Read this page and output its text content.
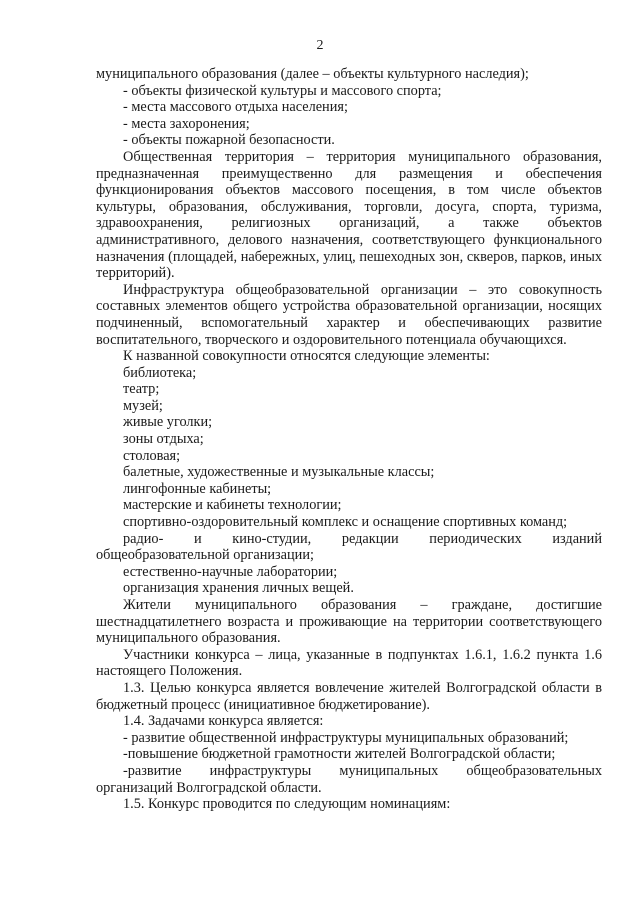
2

муниципального образования (далее – объекты культурного наследия);

- объекты физической культуры и массового спорта;

- места массового отдыха населения;

- места захоронения;

- объекты пожарной безопасности.

Общественная территория – территория муниципального образования, предназначенная преимущественно для размещения и обеспечения функционирования объектов массового посещения, в том числе объектов культуры, образования, обслуживания, торговли, досуга, спорта, туризма, здравоохранения, религиозных организаций, а также объектов административного, делового назначения, соответствующего функционального назначения (площадей, набережных, улиц, пешеходных зон, скверов, парков, иных территорий).

Инфраструктура общеобразовательной организации – это совокупность составных элементов общего устройства образовательной организации, носящих подчиненный, вспомогательный характер и обеспечивающих развитие воспитательного, творческого и оздоровительного потенциала обучающихся.

К названной совокупности относятся следующие элементы:

библиотека;

театр;

музей;

живые уголки;

зоны отдыха;

столовая;

балетные, художественные и музыкальные классы;

лингофонные кабинеты;

мастерские и кабинеты технологии;

спортивно-оздоровительный комплекс и оснащение спортивных команд;

радио- и кино-студии, редакции периодических изданий общеобразовательной организации;

естественно-научные лаборатории;

организация хранения личных вещей.

Жители муниципального образования – граждане, достигшие шестнадцатилетнего возраста и проживающие на территории соответствующего муниципального образования.

Участники конкурса – лица, указанные в подпунктах 1.6.1, 1.6.2 пункта 1.6 настоящего Положения.

1.3. Целью конкурса является вовлечение жителей Волгоградской области в бюджетный процесс (инициативное бюджетирование).

1.4. Задачами конкурса является:

- развитие общественной инфраструктуры муниципальных образований;

-повышение бюджетной грамотности жителей Волгоградской области;

-развитие инфраструктуры муниципальных общеобразовательных организаций Волгоградской области.

1.5. Конкурс проводится по следующим номинациям:
